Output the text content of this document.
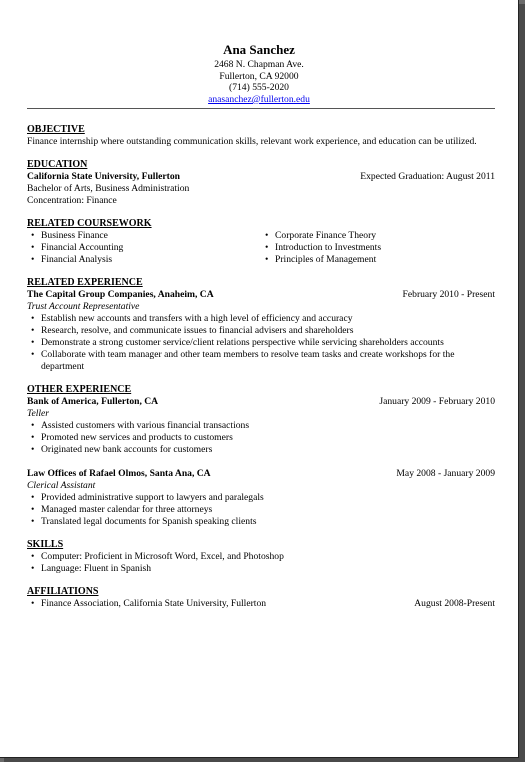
Ana Sanchez
2468 N. Chapman Ave.
Fullerton, CA 92000
(714) 555-2020
anasanchez@fullerton.edu
OBJECTIVE
Finance internship where outstanding communication skills, relevant work experience, and education can be utilized.
EDUCATION
California State University, Fullerton	Expected Graduation: August 2011
Bachelor of Arts, Business Administration
Concentration: Finance
RELATED COURSEWORK
• Business Finance
• Financial Accounting
• Financial Analysis
• Corporate Finance Theory
• Introduction to Investments
• Principles of Management
RELATED EXPERIENCE
The Capital Group Companies, Anaheim, CA	February 2010 - Present
Trust Account Representative
• Establish new accounts and transfers with a high level of efficiency and accuracy
• Research, resolve, and communicate issues to financial advisers and shareholders
• Demonstrate a strong customer service/client relations perspective while servicing shareholders accounts
• Collaborate with team manager and other team members to resolve team tasks and create workshops for the department
OTHER EXPERIENCE
Bank of America, Fullerton, CA	January 2009 - February 2010
Teller
• Assisted customers with various financial transactions
• Promoted new services and products to customers
• Originated new bank accounts for customers
Law Offices of Rafael Olmos, Santa Ana, CA	May 2008 - January 2009
Clerical Assistant
• Provided administrative support to lawyers and paralegals
• Managed master calendar for three attorneys
• Translated legal documents for Spanish speaking clients
SKILLS
• Computer: Proficient in Microsoft Word, Excel, and Photoshop
• Language: Fluent in Spanish
AFFILIATIONS
• Finance Association, California State University, Fullerton	August 2008-Present
